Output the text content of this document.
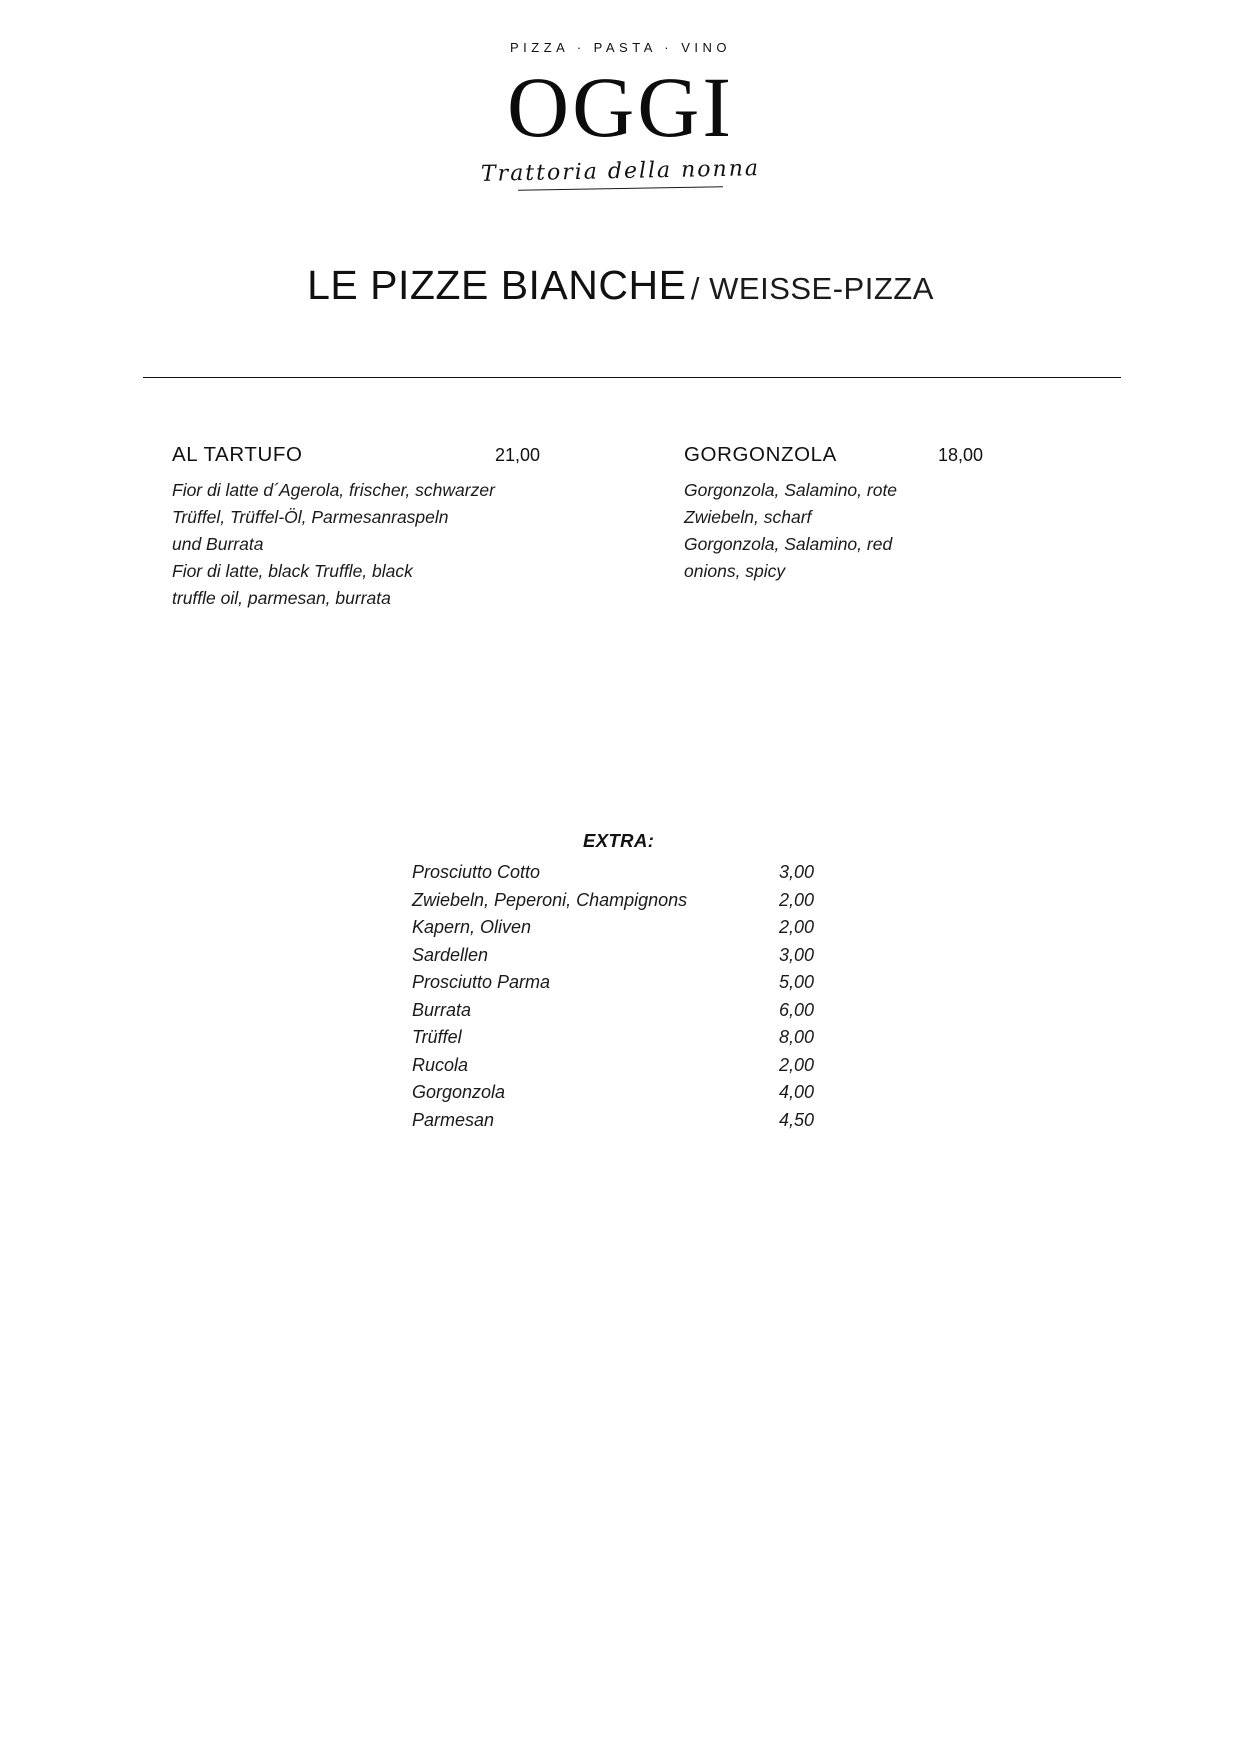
PIZZA · PASTA · VINO
OGGI
Trattoria della nonna
LE PIZZE BIANCHE / WEISSE-PIZZA
AL TARTUFO	21,00
Fior di latte d´Agerola, frischer, schwarzer
Trüffel, Trüffel-Öl, Parmesanraspeln
und Burrata
Fior di latte, black Truffle, black
truffle oil, parmesan, burrata
GORGONZOLA	18,00
Gorgonzola, Salamino, rote
Zwiebeln, scharf
Gorgonzola, Salamino, red
onions, spicy
EXTRA:
Prosciutto Cotto	3,00
Zwiebeln, Peperoni, Champignons	2,00
Kapern, Oliven	2,00
Sardellen	3,00
Prosciutto Parma	5,00
Burrata	6,00
Trüffel	8,00
Rucola	2,00
Gorgonzola	4,00
Parmesan	4,50
